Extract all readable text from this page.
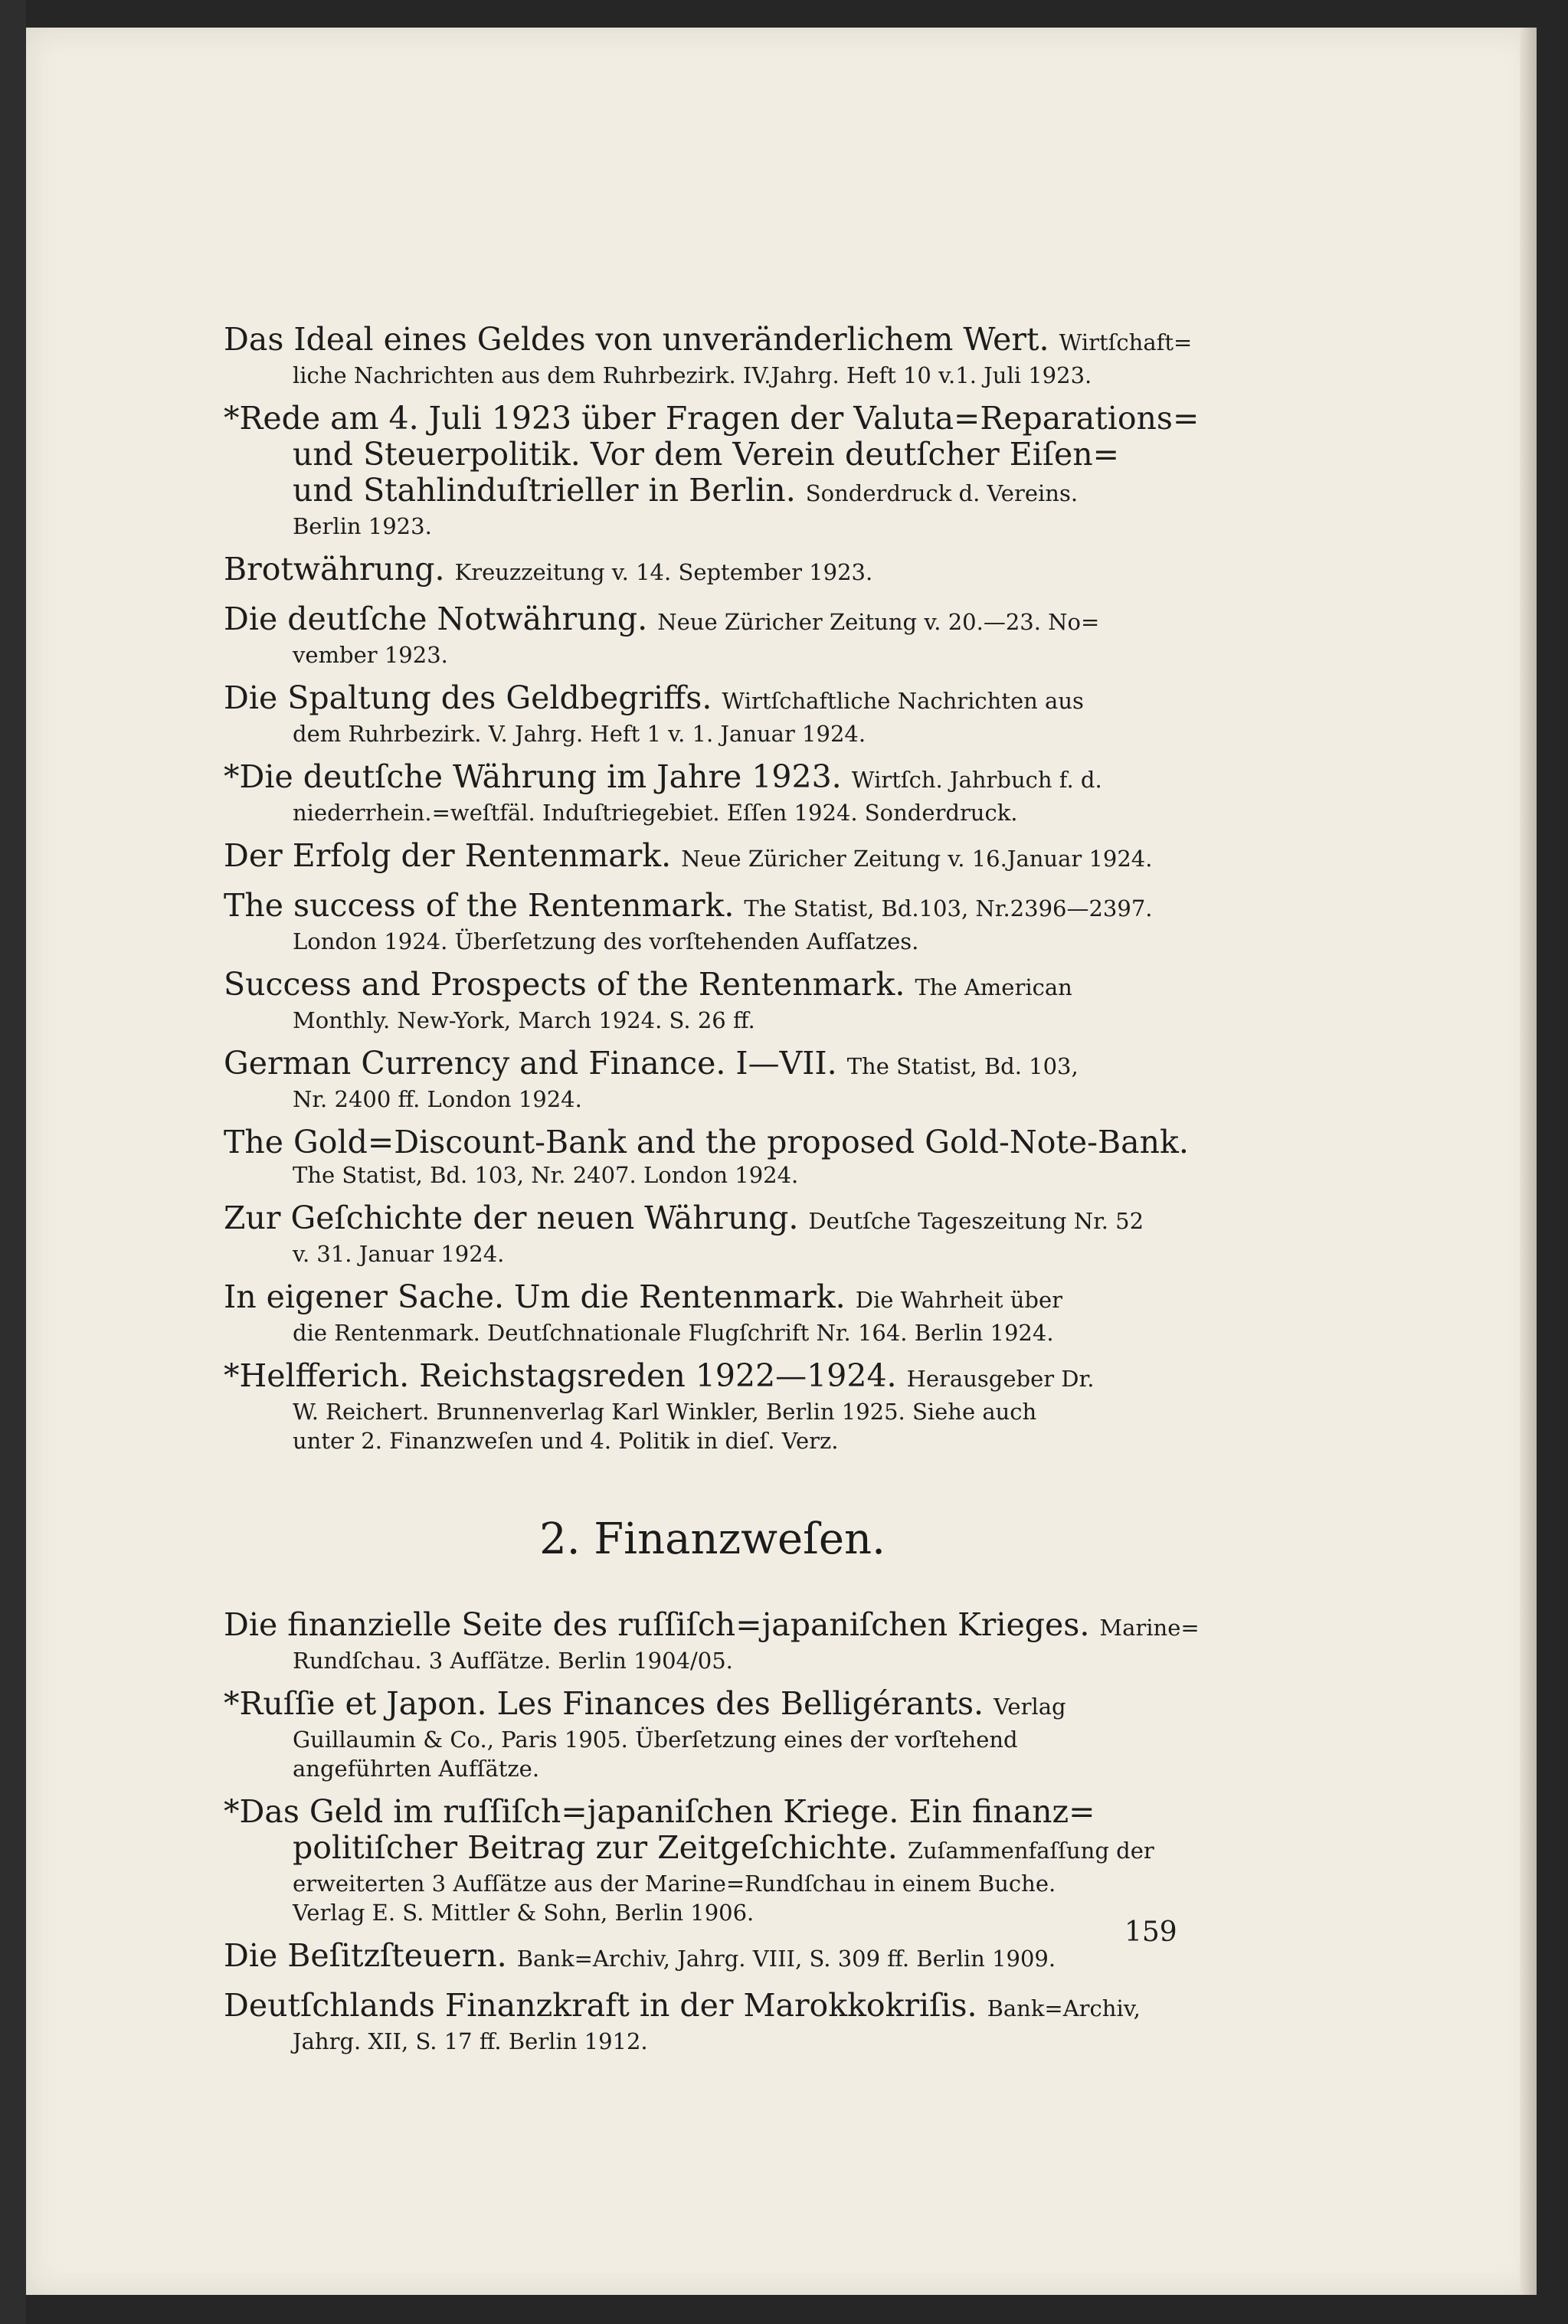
Das Ideal eines Geldes von unveränderlichem Wert. Wirtſchaft=
liche Nachrichten aus dem Ruhrbezirk. IV.Jahrg. Heft 10 v.1. Juli 1923.
*Rede am 4. Juli 1923 über Fragen der Valuta=Reparations=
und Steuerpolitik. Vor dem Verein deutſcher Eiſen=
und Stahlinduſtrieller in Berlin. Sonderdruck d. Vereins.
Berlin 1923.
Brotwährung. Kreuzzeitung v. 14. September 1923.
Die deutſche Notwährung. Neue Züricher Zeitung v. 20.—23. No=
vember 1923.
Die Spaltung des Geldbegriffs. Wirtſchaftliche Nachrichten aus
dem Ruhrbezirk. V. Jahrg. Heft 1 v. 1. Januar 1924.
*Die deutſche Währung im Jahre 1923. Wirtſch. Jahrbuch f. d.
niederrhein.=weſtfäl. Induſtriegebiet. Eſſen 1924. Sonderdruck.
Der Erfolg der Rentenmark. Neue Züricher Zeitung v. 16.Januar 1924.
The success of the Rentenmark. The Statist, Bd.103, Nr.2396—2397.
London 1924. Überſetzung des vorſtehenden Aufſatzes.
Success and Prospects of the Rentenmark. The American
Monthly. New-York, March 1924. S. 26 ff.
German Currency and Finance. I—VII. The Statist, Bd. 103,
Nr. 2400 ff. London 1924.
The Gold=Discount-Bank and the proposed Gold-Note-Bank.
The Statist, Bd. 103, Nr. 2407. London 1924.
Zur Geſchichte der neuen Währung. Deutſche Tageszeitung Nr. 52
v. 31. Januar 1924.
In eigener Sache. Um die Rentenmark. Die Wahrheit über
die Rentenmark. Deutſchnationale Flugſchrift Nr. 164. Berlin 1924.
*Helfferich. Reichstagsreden 1922—1924. Herausgeber Dr.
W. Reichert. Brunnenverlag Karl Winkler, Berlin 1925. Siehe auch
unter 2. Finanzweſen und 4. Politik in dieſ. Verz.
2. Finanzweſen.
Die finanzielle Seite des ruſſiſch=japaniſchen Krieges. Marine=
Rundſchau. 3 Aufſätze. Berlin 1904/05.
*Ruſſie et Japon. Les Finances des Belligérants. Verlag
Guillaumin & Co., Paris 1905. Überſetzung eines der vorſtehend
angeführten Aufſätze.
*Das Geld im ruſſiſch=japaniſchen Kriege. Ein finanz=
politiſcher Beitrag zur Zeitgeſchichte. Zuſammenfaſſung der
erweiterten 3 Aufſätze aus der Marine=Rundſchau in einem Buche.
Verlag E. S. Mittler & Sohn, Berlin 1906.
Die Beſitzſteuern. Bank=Archiv, Jahrg. VIII, S. 309 ff. Berlin 1909.
Deutſchlands Finanzkraft in der Marokkokriſis. Bank=Archiv,
Jahrg. XII, S. 17 ff. Berlin 1912.
159
